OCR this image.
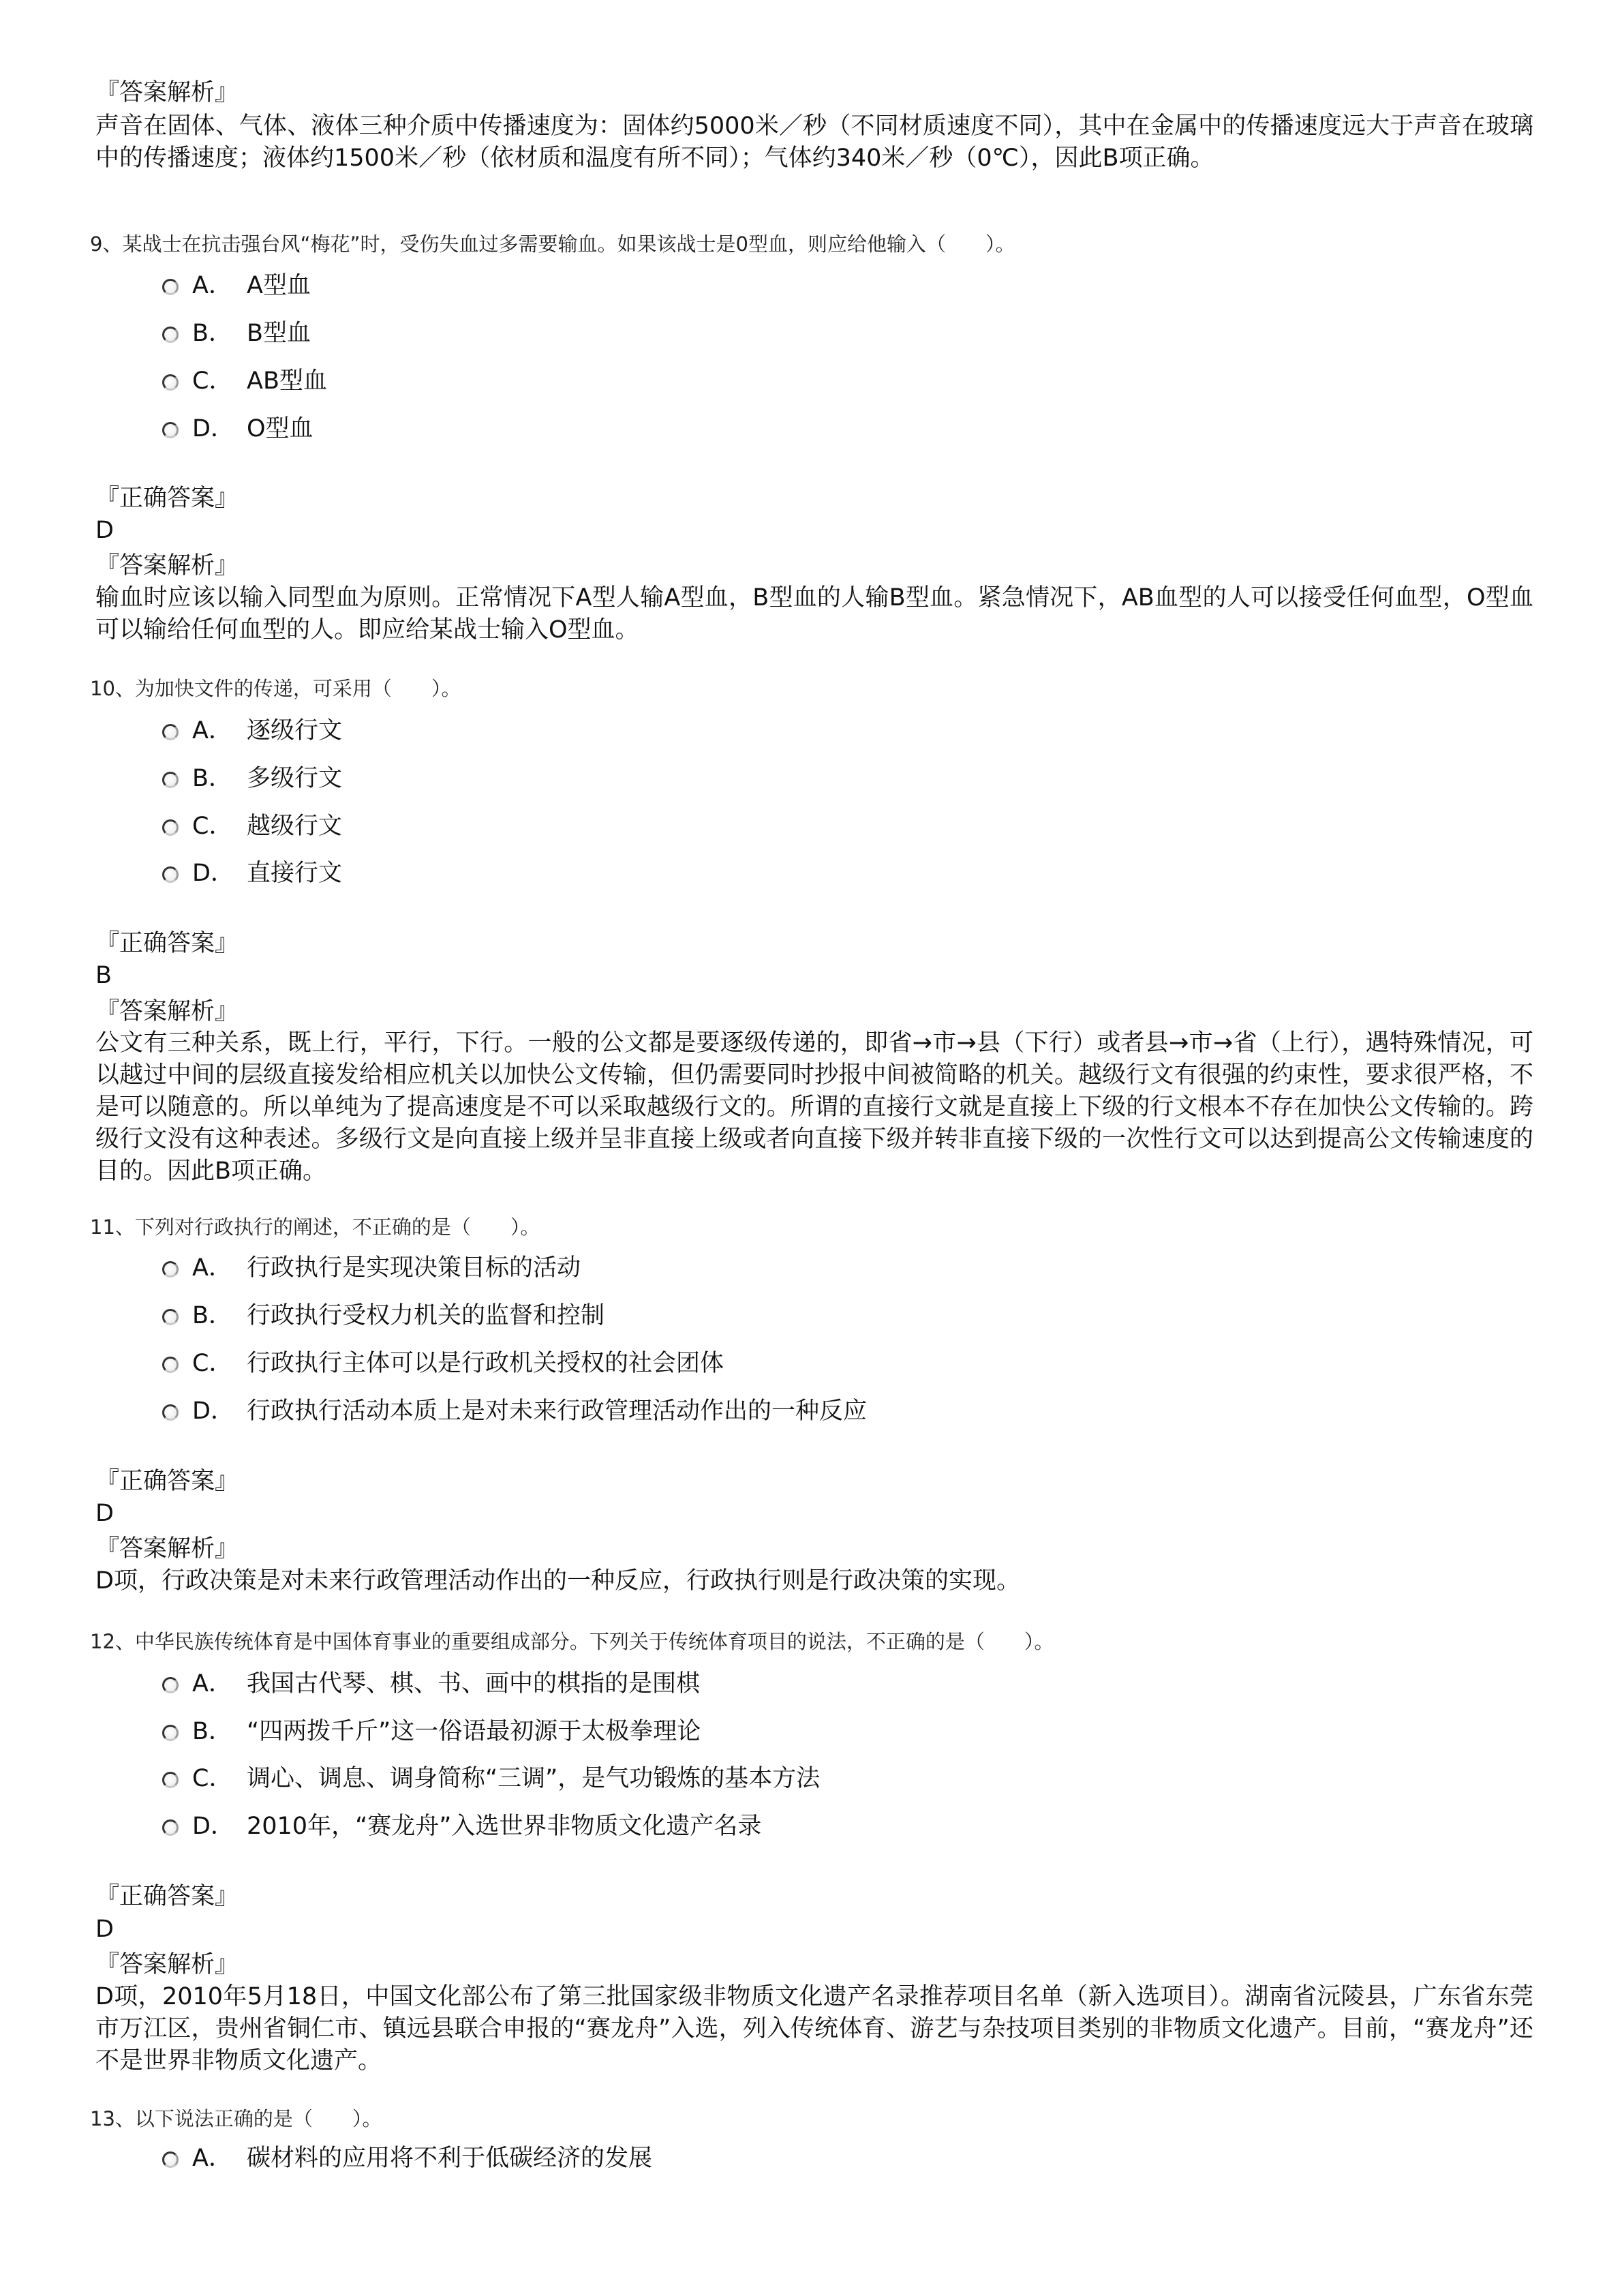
『答案解析』
声音在固体、气体、液体三种介质中传播速度为：固体约5000米／秒（不同材质速度不同），其中在金属中的传播速度远大于声音在玻璃中的传播速度；液体约1500米／秒（依材质和温度有所不同）；气体约340米／秒（0℃），因此B项正确。
9、某战士在抗击强台风“梅花”时，受伤失血过多需要输血。如果该战士是0型血，则应给他输入（　　）。
A． A型血
B． B型血
C． AB型血
D． O型血
『正确答案』
D
『答案解析』
输血时应该以输入同型血为原则。正常情况下A型人输A型血，B型血的人输B型血。紧急情况下，AB血型的人可以接受任何血型，O型血可以输给任何血型的人。即应给某战士输入O型血。
10、为加快文件的传递，可采用（　　）。
A． 逐级行文
B． 多级行文
C． 越级行文
D． 直接行文
『正确答案』
B
『答案解析』
公文有三种关系，既上行，平行，下行。一般的公文都是要逐级传递的，即省→市→县（下行）或者县→市→省（上行），遇特殊情况，可以越过中间的层级直接发给相应机关以加快公文传输，但仍需要同时抄报中间被简略的机关。越级行文有很强的约束性，要求很严格，不是可以随意的。所以单纯为了提高速度是不可以采取越级行文的。所谓的直接行文就是直接上下级的行文根本不存在加快公文传输的。跨级行文没有这种表述。多级行文是向直接上级并呈非直接上级或者向直接下级并转非直接下级的一次性行文可以达到提高公文传输速度的目的。因此B项正确。
11、下列对行政执行的阐述，不正确的是（　　）。
A． 行政执行是实现决策目标的活动
B． 行政执行受权力机关的监督和控制
C． 行政执行主体可以是行政机关授权的社会团体
D． 行政执行活动本质上是对未来行政管理活动作出的一种反应
『正确答案』
D
『答案解析』
D项，行政决策是对未来行政管理活动作出的一种反应，行政执行则是行政决策的实现。
12、中华民族传统体育是中国体育事业的重要组成部分。下列关于传统体育项目的说法，不正确的是（　　）。
A． 我国古代琴、棋、书、画中的棋指的是围棋
B． “四两拨千斤”这一俗语最初源于太极拳理论
C． 调心、调息、调身简称“三调”，是气功锻炼的基本方法
D． 2010年，“赛龙舟”入选世界非物质文化遗产名录
『正确答案』
D
『答案解析』
D项，2010年5月18日，中国文化部公布了第三批国家级非物质文化遗产名录推荐项目名单（新入选项目）。湖南省沅陵县，广东省东莞市万江区，贵州省铜仁市、镇远县联合申报的“赛龙舟”入选，列入传统体育、游艺与杂技项目类别的非物质文化遗产。目前，“赛龙舟”还不是世界非物质文化遗产。
13、以下说法正确的是（　　）。
A． 碳材料的应用将不利于低碳经济的发展
